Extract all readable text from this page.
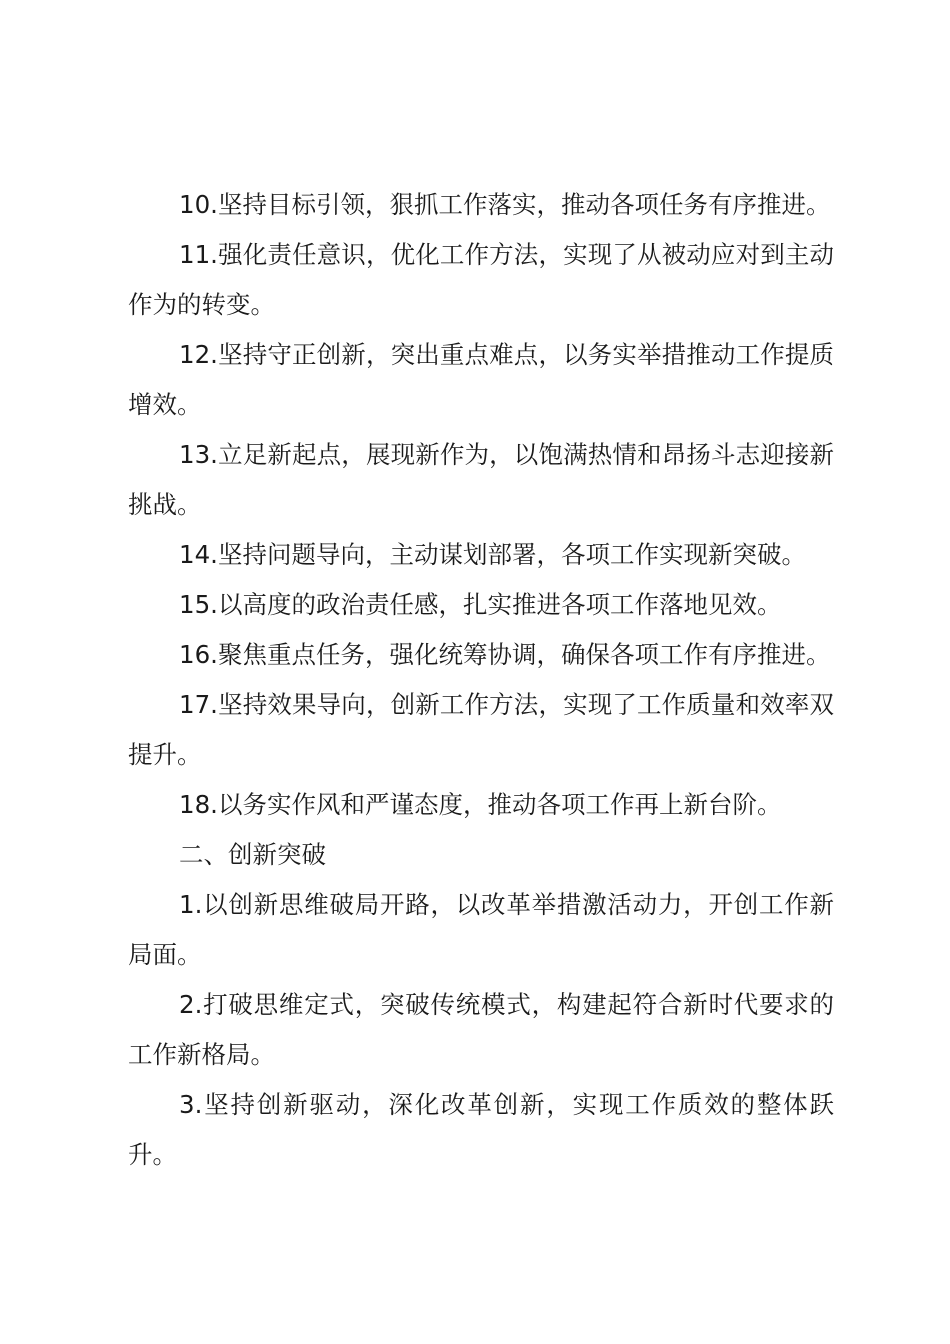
10.坚持目标引领，狠抓工作落实，推动各项任务有序推进。

11.强化责任意识，优化工作方法，实现了从被动应对到主动作为的转变。

12.坚持守正创新，突出重点难点，以务实举措推动工作提质增效。

13.立足新起点，展现新作为，以饱满热情和昂扬斗志迎接新挑战。

14.坚持问题导向，主动谋划部署，各项工作实现新突破。

15.以高度的政治责任感，扎实推进各项工作落地见效。

16.聚焦重点任务，强化统筹协调，确保各项工作有序推进。

17.坚持效果导向，创新工作方法，实现了工作质量和效率双提升。

18.以务实作风和严谨态度，推动各项工作再上新台阶。

二、创新突破

1.以创新思维破局开路，以改革举措激活动力，开创工作新局面。

2.打破思维定式，突破传统模式，构建起符合新时代要求的工作新格局。

3.坚持创新驱动，深化改革创新，实现工作质效的整体跃升。
